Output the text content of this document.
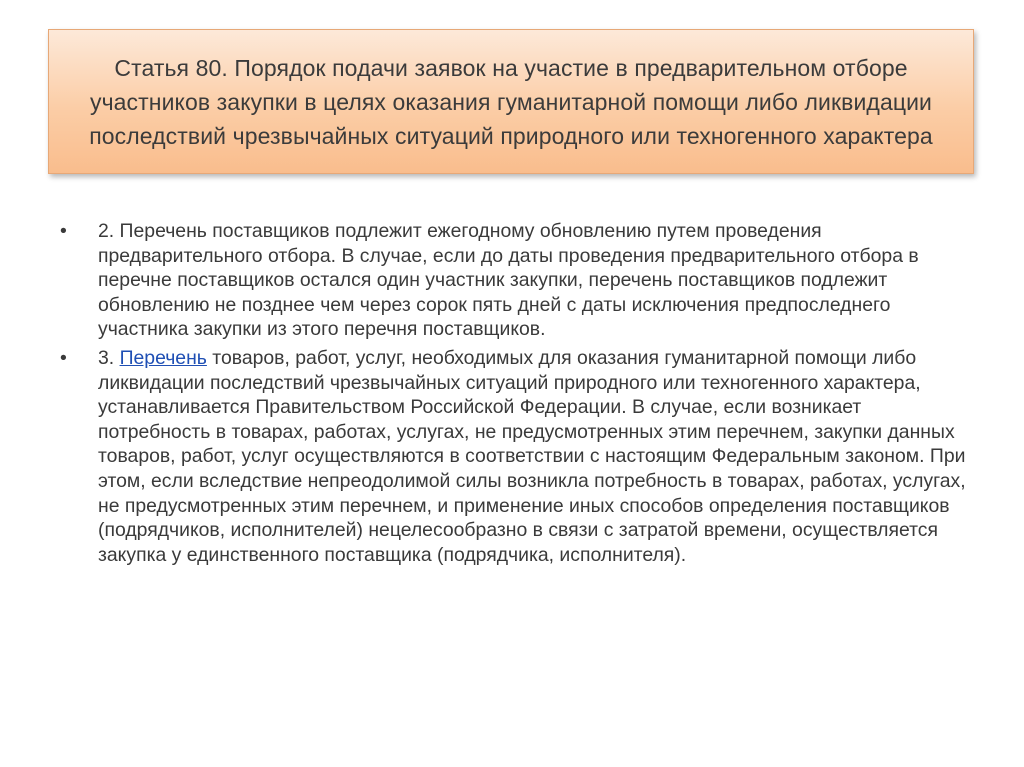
Статья 80. Порядок подачи заявок на участие в предварительном отборе участников закупки в целях оказания гуманитарной помощи либо ликвидации последствий чрезвычайных ситуаций природного или техногенного характера
•	2. Перечень поставщиков подлежит ежегодному обновлению путем проведения предварительного отбора. В случае, если до даты проведения предварительного отбора в перечне поставщиков остался один участник закупки, перечень поставщиков подлежит обновлению не позднее чем через сорок пять дней с даты исключения предпоследнего участника закупки из этого перечня поставщиков.
•	3. Перечень товаров, работ, услуг, необходимых для оказания гуманитарной помощи либо ликвидации последствий чрезвычайных ситуаций природного или техногенного характера, устанавливается Правительством Российской Федерации. В случае, если возникает потребность в товарах, работах, услугах, не предусмотренных этим перечнем, закупки данных товаров, работ, услуг осуществляются в соответствии с настоящим Федеральным законом. При этом, если вследствие непреодолимой силы возникла потребность в товарах, работах, услугах, не предусмотренных этим перечнем, и применение иных способов определения поставщиков (подрядчиков, исполнителей) нецелесообразно в связи с затратой времени, осуществляется закупка у единственного поставщика (подрядчика, исполнителя).
